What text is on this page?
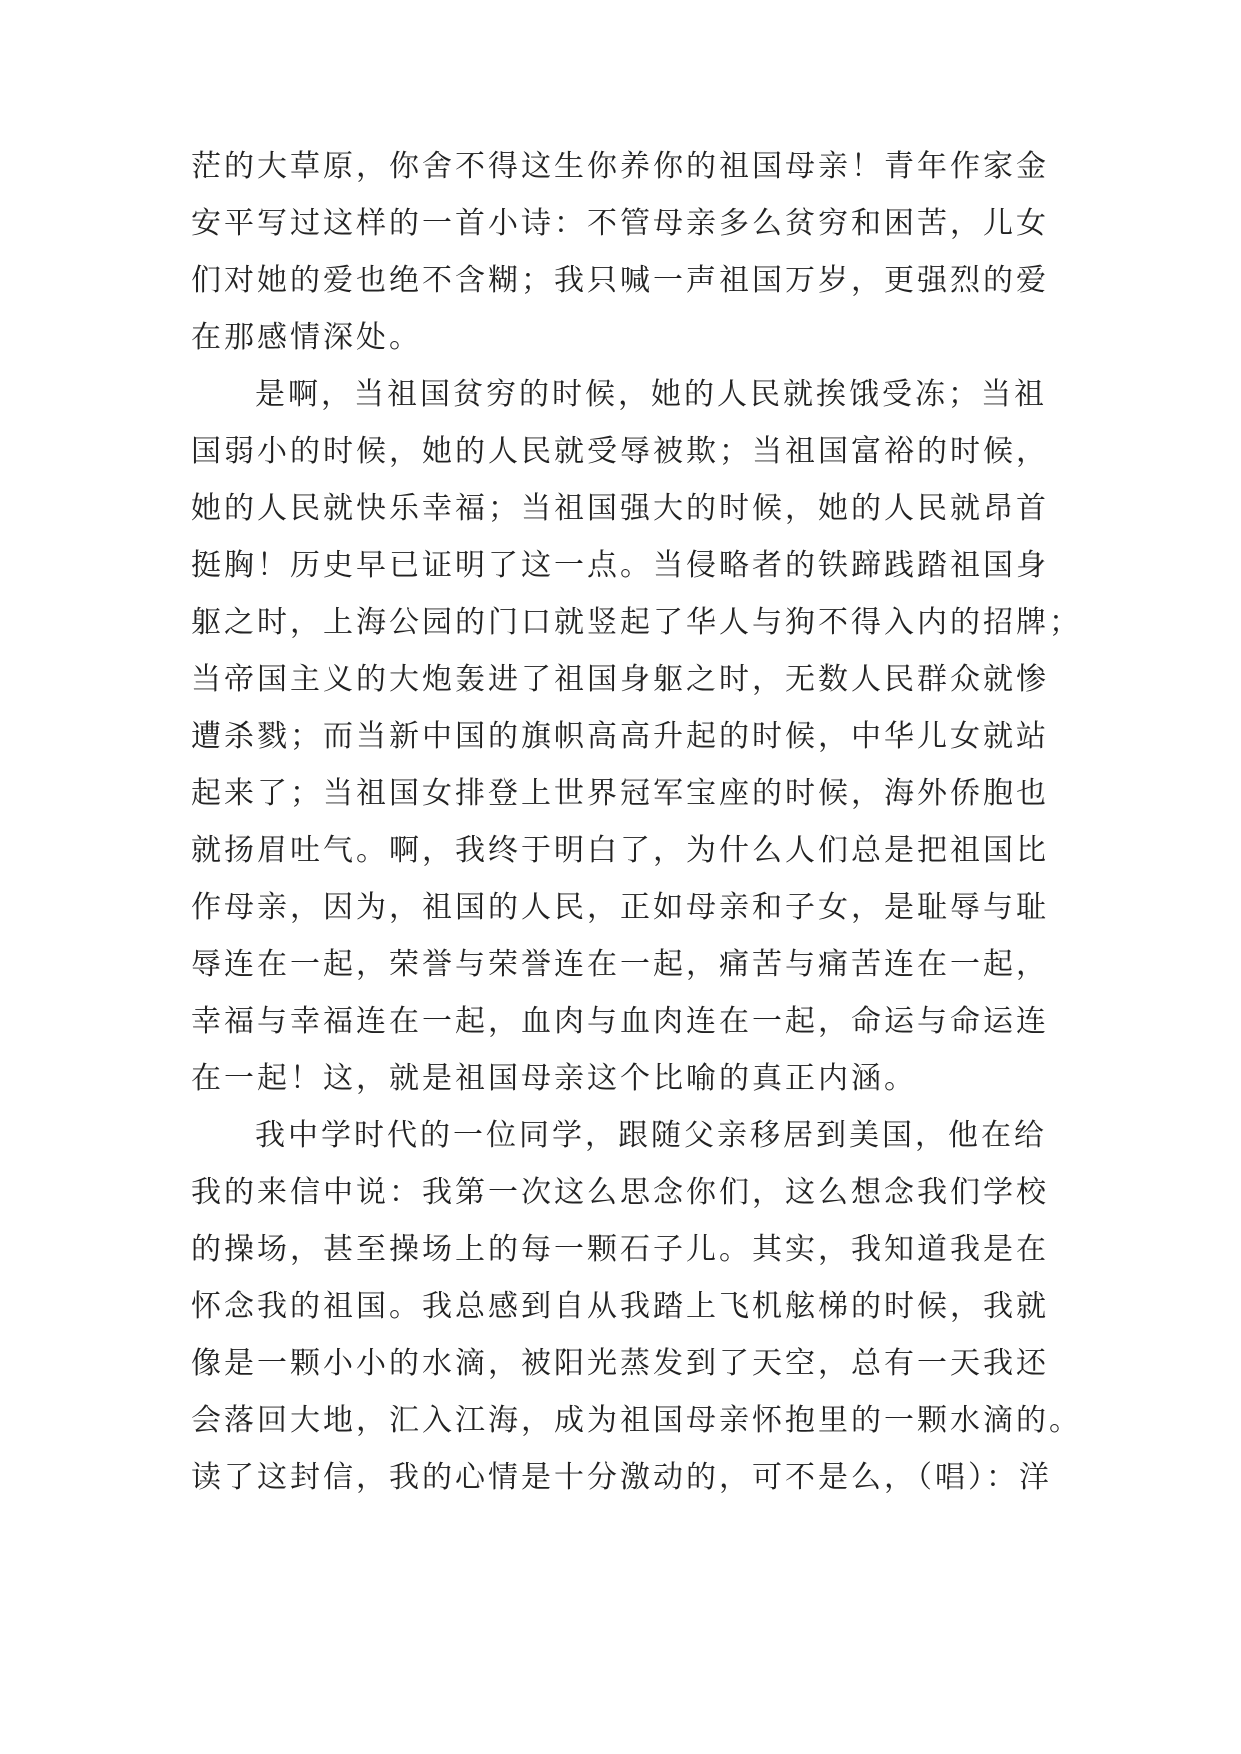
茫的大草原，你舍不得这生你养你的祖国母亲！青年作家金
安平写过这样的一首小诗：不管母亲多么贫穷和困苦，儿女
们对她的爱也绝不含糊；我只喊一声祖国万岁，更强烈的爱
在那感情深处。
是啊，当祖国贫穷的时候，她的人民就挨饿受冻；当祖
国弱小的时候，她的人民就受辱被欺；当祖国富裕的时候，
她的人民就快乐幸福；当祖国强大的时候，她的人民就昂首
挺胸！历史早已证明了这一点。当侵略者的铁蹄践踏祖国身
躯之时，上海公园的门口就竖起了华人与狗不得入内的招牌；
当帝国主义的大炮轰进了祖国身躯之时，无数人民群众就惨
遭杀戮；而当新中国的旗帜高高升起的时候，中华儿女就站
起来了；当祖国女排登上世界冠军宝座的时候，海外侨胞也
就扬眉吐气。啊，我终于明白了，为什么人们总是把祖国比
作母亲，因为，祖国的人民，正如母亲和子女，是耻辱与耻
辱连在一起，荣誉与荣誉连在一起，痛苦与痛苦连在一起，
幸福与幸福连在一起，血肉与血肉连在一起，命运与命运连
在一起！这，就是祖国母亲这个比喻的真正内涵。
我中学时代的一位同学，跟随父亲移居到美国，他在给
我的来信中说：我第一次这么思念你们，这么想念我们学校
的操场，甚至操场上的每一颗石子儿。其实，我知道我是在
怀念我的祖国。我总感到自从我踏上飞机舷梯的时候，我就
像是一颗小小的水滴，被阳光蒸发到了天空，总有一天我还
会落回大地，汇入江海，成为祖国母亲怀抱里的一颗水滴的。
读了这封信，我的心情是十分激动的，可不是么，（唱）：洋
